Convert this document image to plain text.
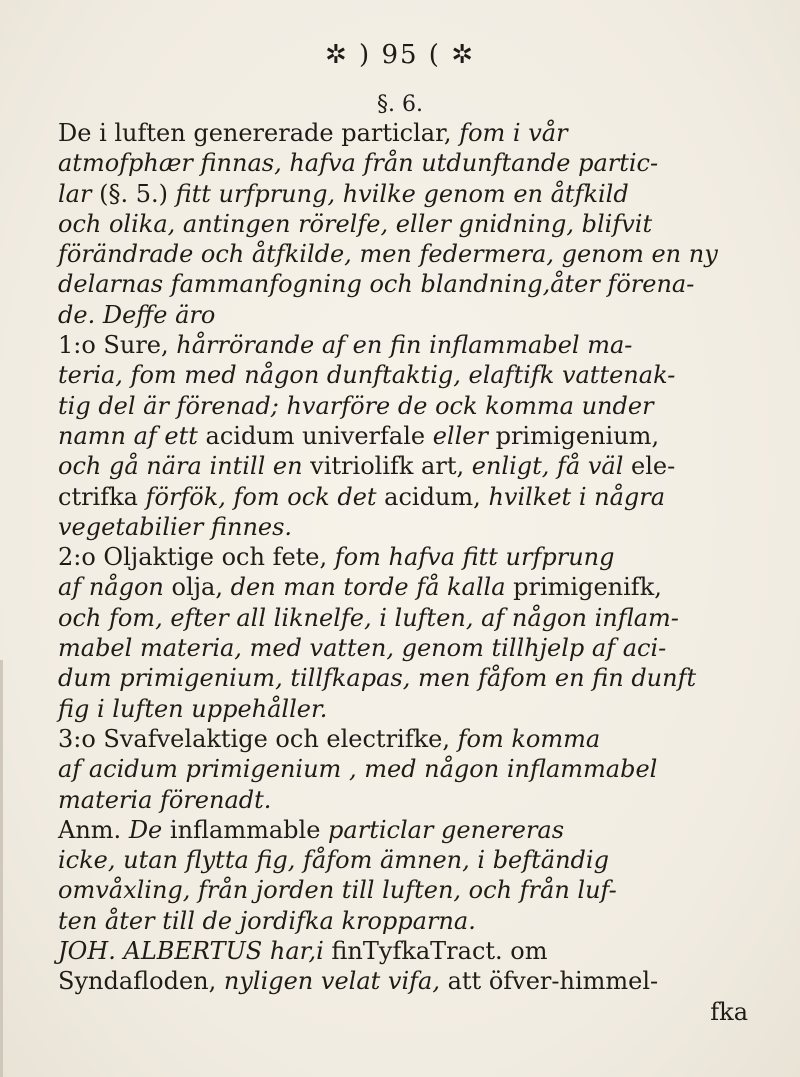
✲ ) 95 ( ✲
§. 6.

De i luften genererade particlar, fom i vår

atmofphær finnas, hafva från utdunftande partic-

lar (§. 5.) fitt urfprung, hvilke genom en åtfkild

och olika, antingen rörelfe, eller gnidning, blifvit

förändrade och åtfkilde, men federmera, genom en ny

delarnas fammanfogning och blandning,åter förena-

de. Deffe äro

1:o Sure, hårrörande af en fin inflammabel ma-

teria, fom med någon dunftaktig, elaftifk vattenak-

tig del är förenad; hvarföre de ock komma under

namn af ett acidum univerfale eller primigenium,

och gå nära intill en vitriolifk art, enligt, få väl ele-

ctrifka förfök, fom ock det acidum, hvilket i några

vegetabilier finnes.

2:o Oljaktige och fete, fom hafva fitt urfprung

af någon olja, den man torde få kalla primigenifk,

och fom, efter all liknelfe, i luften, af någon inflam-

mabel materia, med vatten, genom tillhjelp af aci-

dum primigenium, tillfkapas, men fåfom en fin dunft

fig i luften uppehåller.

3:o Svafvelaktige och electrifke, fom komma

af acidum primigenium , med någon inflammabel

materia förenadt.

Anm. De inflammable particlar genereras

icke, utan flytta fig, fåfom ämnen, i beftändig

omvåxling, från jorden till luften, och från luf-

ten åter till de jordifka kropparna.

JOH. ALBERTUS har,i finTyfkaTract. om

Syndafloden, nyligen velat vifa, att öfver-himmel-

fka
